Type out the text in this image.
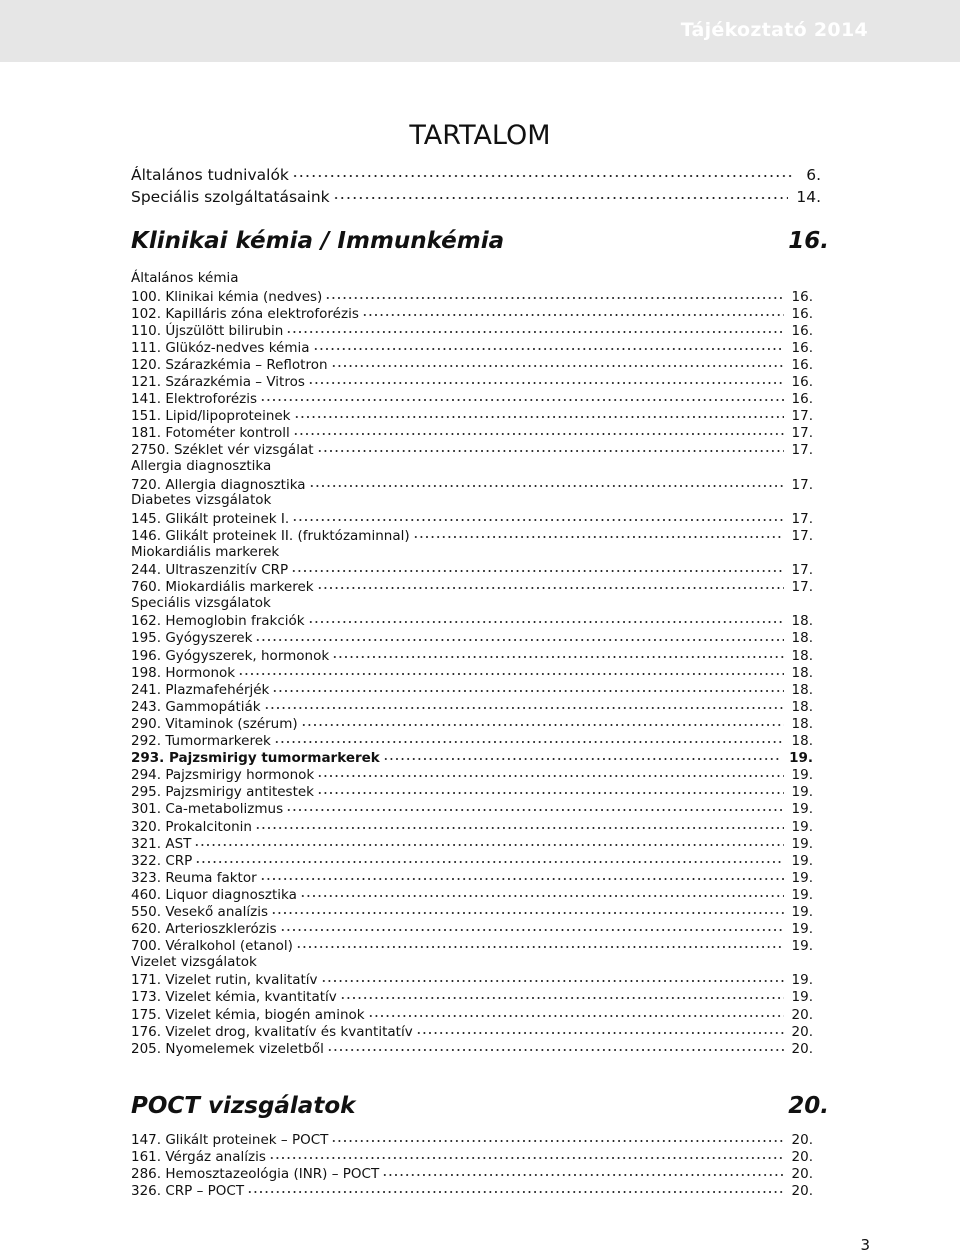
Tájékoztató 2014
TARTALOM
Általános tudnivalók	6.
Speciális szolgáltatásaink	14.
Klinikai kémia / Immunkémia	16.
Általános kémia
100. Klinikai kémia (nedves)	16.
102. Kapilláris zóna elektroforézis	16.
110. Újszülött bilirubin	16.
111. Glükóz-nedves kémia	16.
120. Szárazkémia – Reflotron	16.
121. Szárazkémia – Vitros	16.
141. Elektroforézis	16.
151. Lipid/lipoproteinek	17.
181. Fotométer kontroll	17.
2750. Széklet vér vizsgálat	17.
Allergia diagnosztika
720. Allergia diagnosztika	17.
Diabetes vizsgálatok
145. Glikált proteinek I.	17.
146. Glikált proteinek II. (fruktózaminnal)	17.
Miokardiális markerek
244. Ultraszenzitív CRP	17.
760. Miokardiális markerek	17.
Speciális vizsgálatok
162. Hemoglobin frakciók	18.
195. Gyógyszerek	18.
196. Gyógyszerek, hormonok	18.
198. Hormonok	18.
241. Plazmafehérjék	18.
243. Gammopátiák	18.
290. Vitaminok (szérum)	18.
292. Tumormarkerek	18.
293. Pajzsmirigy tumormarkerek	19.
294. Pajzsmirigy hormonok	19.
295. Pajzsmirigy antitestek	19.
301. Ca-metabolizmus	19.
320. Prokalcitonin	19.
321. AST	19.
322. CRP	19.
323. Reuma faktor	19.
460. Liquor diagnosztika	19.
550. Vesekő analízis	19.
620. Arterioszklerózis	19.
700. Véralkohol (etanol)	19.
Vizelet vizsgálatok
171. Vizelet rutin, kvalitatív	19.
173. Vizelet kémia, kvantitatív	19.
175. Vizelet kémia, biogén aminok	20.
176. Vizelet drog, kvalitatív és kvantitatív	20.
205. Nyomelemek vizeletből	20.
POCT vizsgálatok	20.
147. Glikált proteinek – POCT	20.
161. Vérgáz analízis	20.
286. Hemosztazeológia (INR) – POCT	20.
326. CRP – POCT	20.
3
